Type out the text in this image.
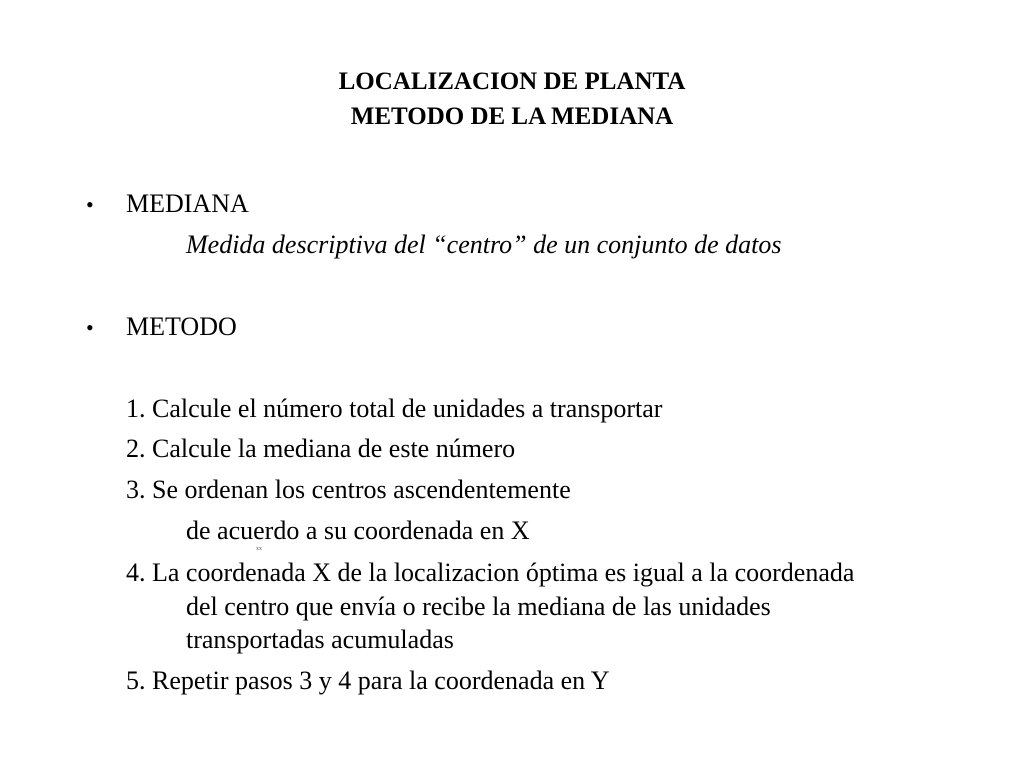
LOCALIZACION DE PLANTA
METODO DE LA MEDIANA
• MEDIANA
Medida descriptiva del “centro” de un conjunto de datos
• METODO
1. Calcule el número total de unidades a transportar
2. Calcule la mediana de este número
3. Se ordenan los centros ascendentemente
de acuerdo a su coordenada en X
xx
4. La coordenada X de la localizacion óptima es igual a la coordenada
del centro que envía o recibe la mediana de las unidades
transportadas acumuladas
5. Repetir pasos 3 y 4 para la coordenada en Y
